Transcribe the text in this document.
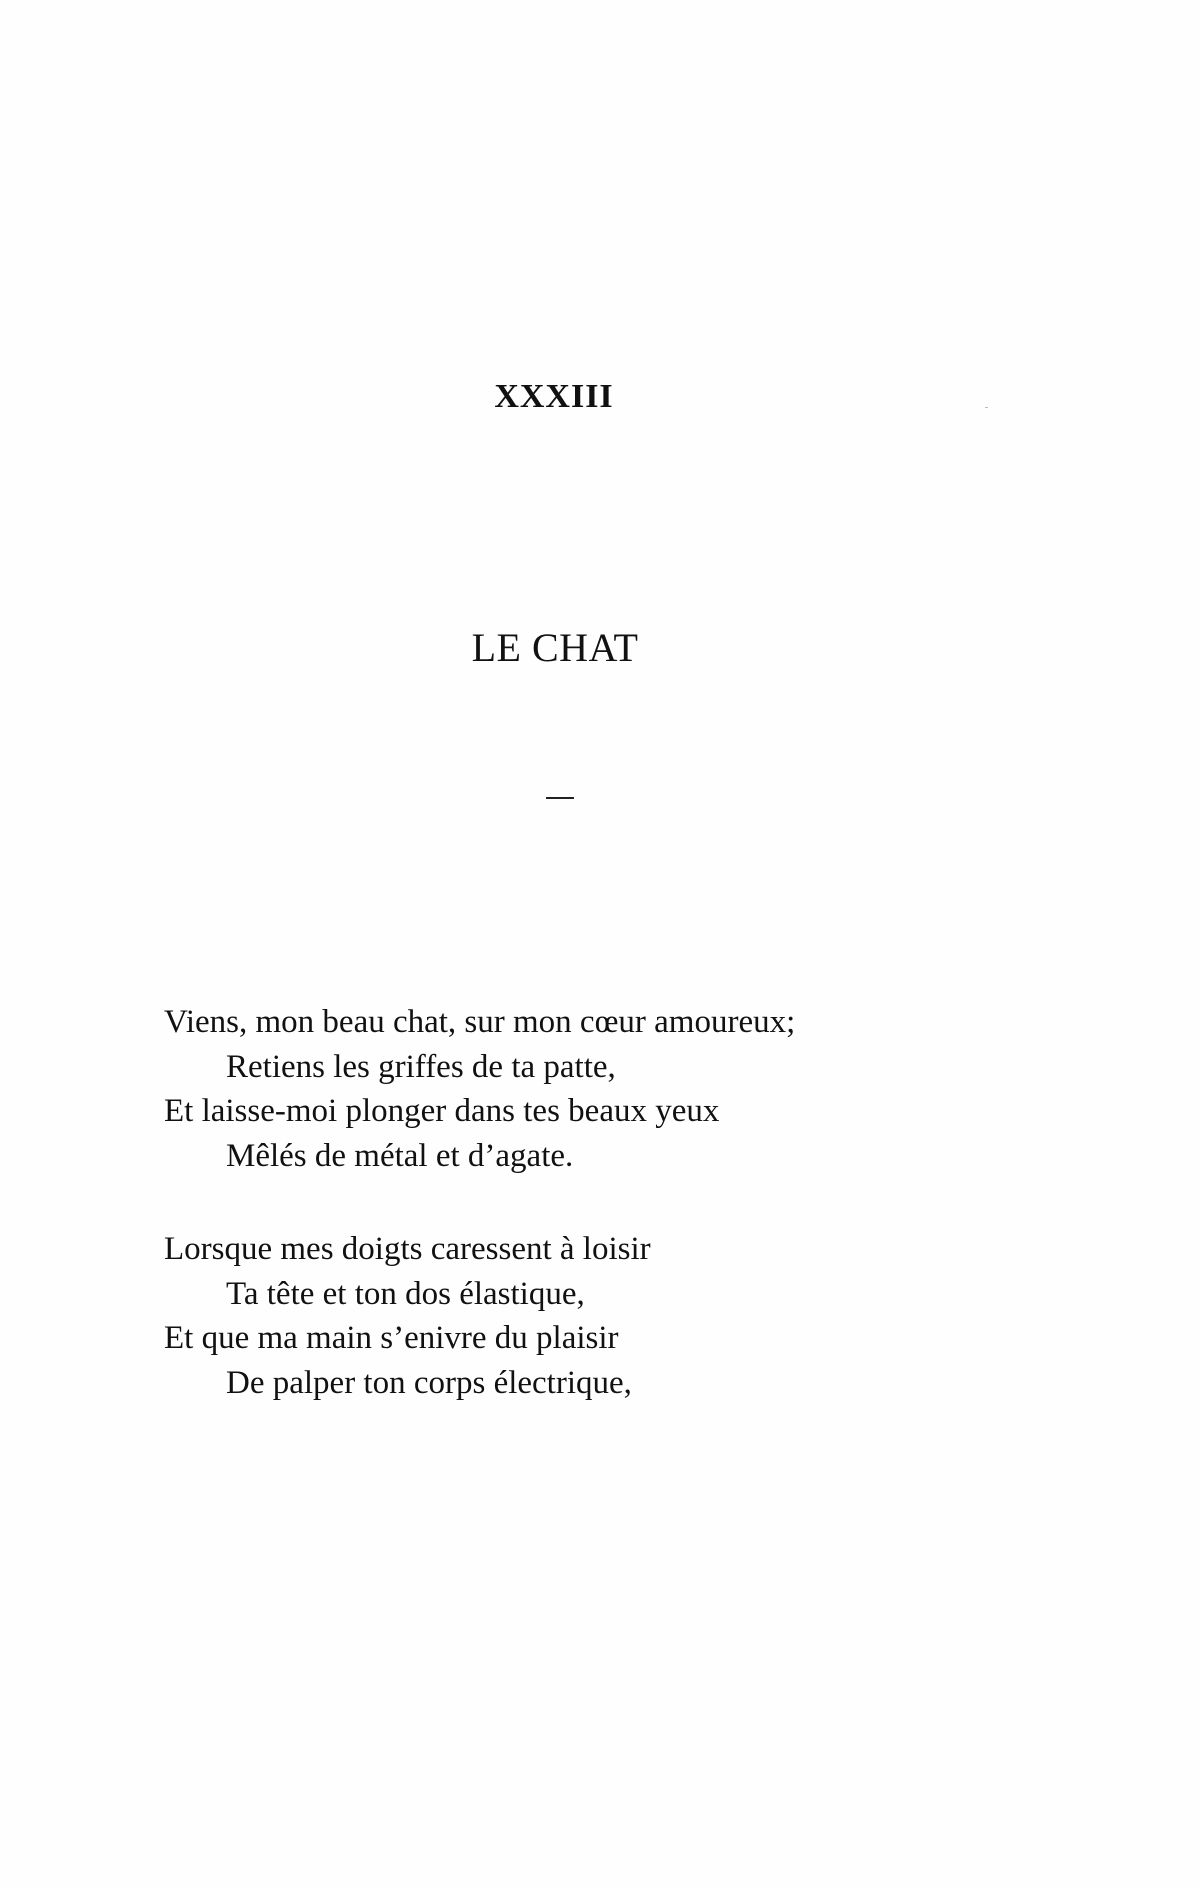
XXXIII
LE CHAT
Viens, mon beau chat, sur mon cœur amoureux;
Retiens les griffes de ta patte,
Et laisse-moi plonger dans tes beaux yeux
Mêlés de métal et d’agate.
Lorsque mes doigts caressent à loisir
Ta tête et ton dos élastique,
Et que ma main s’enivre du plaisir
De palper ton corps électrique,
